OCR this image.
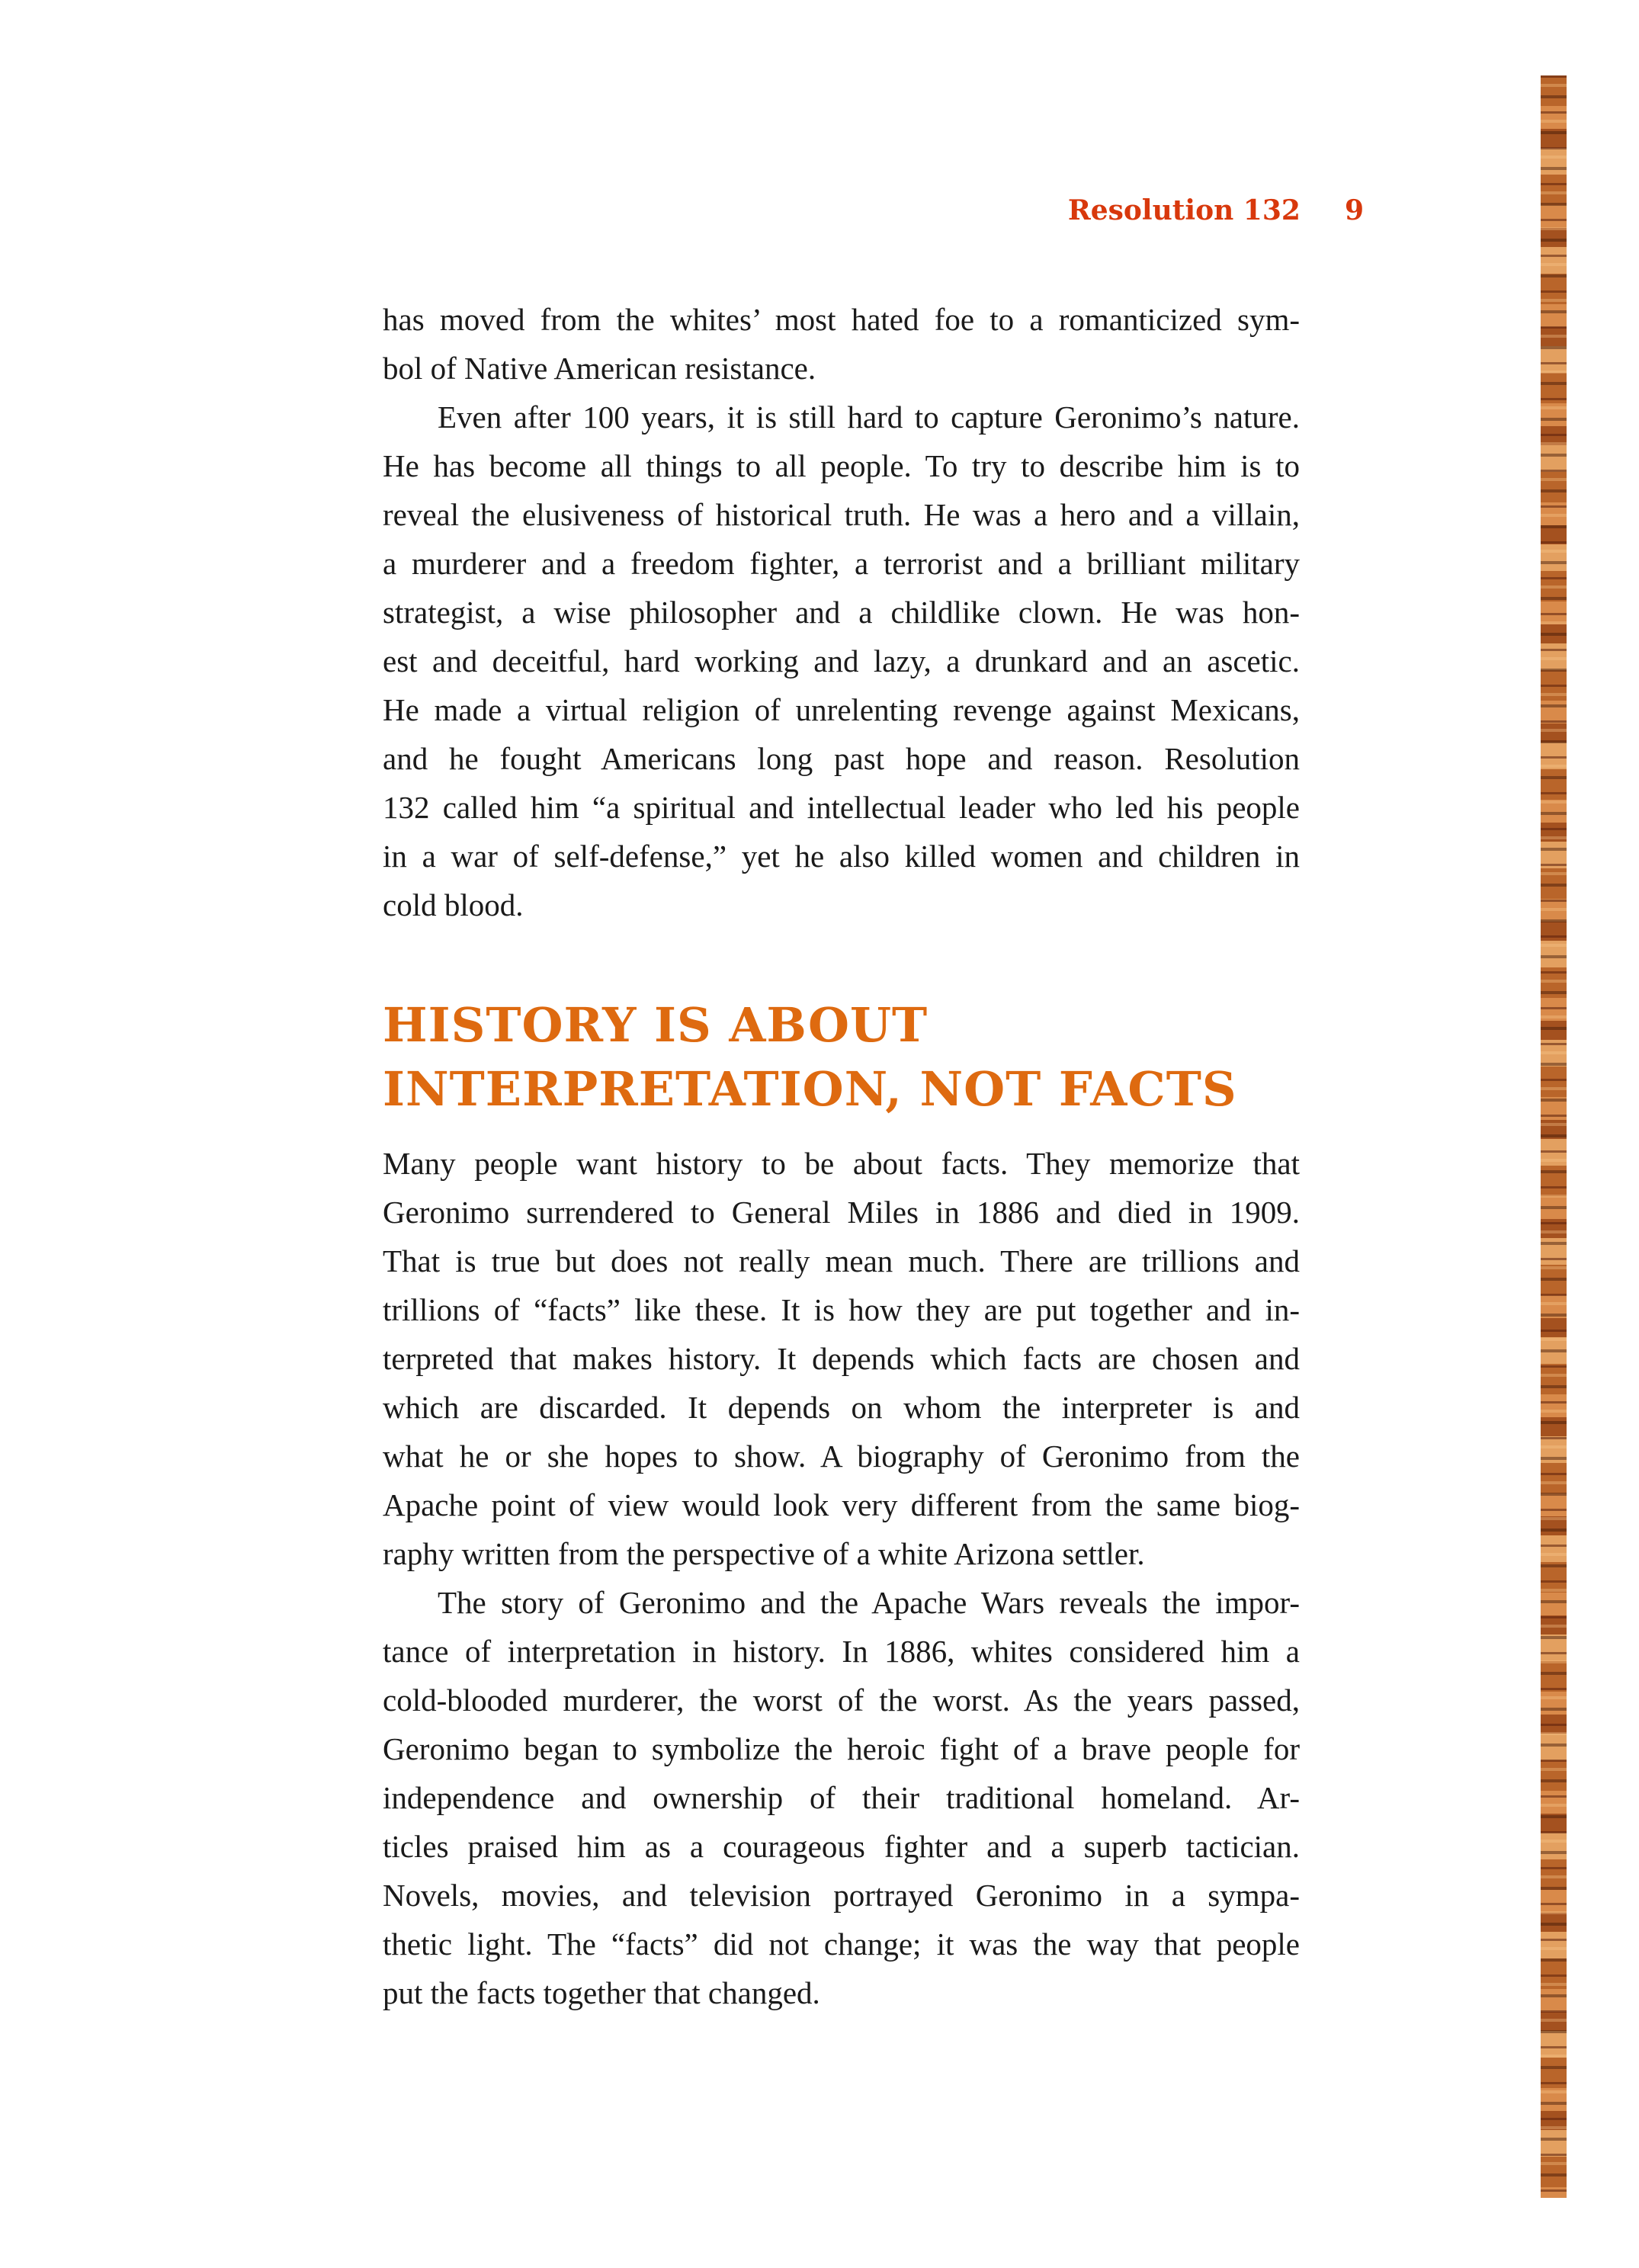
Resolution 132 9
has moved from the whites’ most hated foe to a romanticized sym-
bol of Native American resistance.
Even after 100 years, it is still hard to capture Geronimo’s nature.
He has become all things to all people. To try to describe him is to
reveal the elusiveness of historical truth. He was a hero and a villain,
a murderer and a freedom fighter, a terrorist and a brilliant military
strategist, a wise philosopher and a childlike clown. He was hon-
est and deceitful, hard working and lazy, a drunkard and an ascetic.
He made a virtual religion of unrelenting revenge against Mexicans,
and he fought Americans long past hope and reason. Resolution
132 called him “a spiritual and intellectual leader who led his people
in a war of self-defense,” yet he also killed women and children in
cold blood.
HISTORY IS ABOUT
INTERPRETATION, NOT FACTS
Many people want history to be about facts. They memorize that
Geronimo surrendered to General Miles in 1886 and died in 1909.
That is true but does not really mean much. There are trillions and
trillions of “facts” like these. It is how they are put together and in-
terpreted that makes history. It depends which facts are chosen and
which are discarded. It depends on whom the interpreter is and
what he or she hopes to show. A biography of Geronimo from the
Apache point of view would look very different from the same biog-
raphy written from the perspective of a white Arizona settler.
The story of Geronimo and the Apache Wars reveals the impor-
tance of interpretation in history. In 1886, whites considered him a
cold-blooded murderer, the worst of the worst. As the years passed,
Geronimo began to symbolize the heroic fight of a brave people for
independence and ownership of their traditional homeland. Ar-
ticles praised him as a courageous fighter and a superb tactician.
Novels, movies, and television portrayed Geronimo in a sympa-
thetic light. The “facts” did not change; it was the way that people
put the facts together that changed.
